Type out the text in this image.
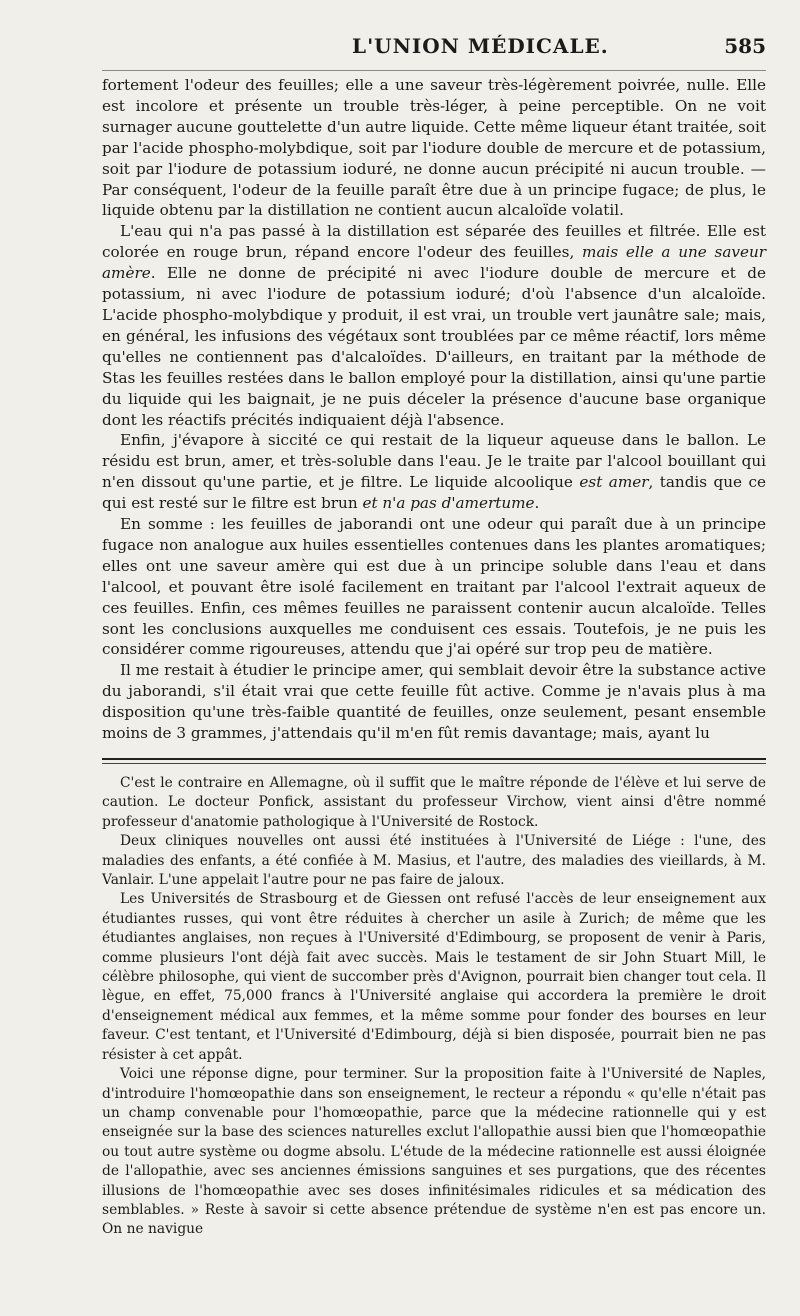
L'UNION MÉDICALE.	585

fortement l'odeur des feuilles; elle a une saveur très-légèrement poivrée, nulle. Elle est incolore et présente un trouble très-léger, à peine perceptible. On ne voit surnager aucune gouttelette d'un autre liquide. Cette même liqueur étant traitée, soit par l'acide phospho-molybdique, soit par l'iodure double de mercure et de potassium, soit par l'iodure de potassium ioduré, ne donne aucun précipité ni aucun trouble. — Par conséquent, l'odeur de la feuille paraît être due à un principe fugace; de plus, le liquide obtenu par la distillation ne contient aucun alcaloïde volatil.

L'eau qui n'a pas passé à la distillation est séparée des feuilles et filtrée. Elle est colorée en rouge brun, répand encore l'odeur des feuilles, mais elle a une saveur amère. Elle ne donne de précipité ni avec l'iodure double de mercure et de potassium, ni avec l'iodure de potassium ioduré; d'où l'absence d'un alcaloïde. L'acide phospho-molybdique y produit, il est vrai, un trouble vert jaunâtre sale; mais, en général, les infusions des végétaux sont troublées par ce même réactif, lors même qu'elles ne contiennent pas d'alcaloïdes. D'ailleurs, en traitant par la méthode de Stas les feuilles restées dans le ballon employé pour la distillation, ainsi qu'une partie du liquide qui les baignait, je ne puis déceler la présence d'aucune base organique dont les réactifs précités indiquaient déjà l'absence.

Enfin, j'évapore à siccité ce qui restait de la liqueur aqueuse dans le ballon. Le résidu est brun, amer, et très-soluble dans l'eau. Je le traite par l'alcool bouillant qui n'en dissout qu'une partie, et je filtre. Le liquide alcoolique est amer, tandis que ce qui est resté sur le filtre est brun et n'a pas d'amertume.

En somme : les feuilles de jaborandi ont une odeur qui paraît due à un principe fugace non analogue aux huiles essentielles contenues dans les plantes aromatiques; elles ont une saveur amère qui est due à un principe soluble dans l'eau et dans l'alcool, et pouvant être isolé facilement en traitant par l'alcool l'extrait aqueux de ces feuilles. Enfin, ces mêmes feuilles ne paraissent contenir aucun alcaloïde. Telles sont les conclusions auxquelles me conduisent ces essais. Toutefois, je ne puis les considérer comme rigoureuses, attendu que j'ai opéré sur trop peu de matière.

Il me restait à étudier le principe amer, qui semblait devoir être la substance active du jaborandi, s'il était vrai que cette feuille fût active. Comme je n'avais plus à ma disposition qu'une très-faible quantité de feuilles, onze seulement, pesant ensemble moins de 3 grammes, j'attendais qu'il m'en fût remis davantage; mais, ayant lu

C'est le contraire en Allemagne, où il suffit que le maître réponde de l'élève et lui serve de caution. Le docteur Ponfick, assistant du professeur Virchow, vient ainsi d'être nommé professeur d'anatomie pathologique à l'Université de Rostock.

Deux cliniques nouvelles ont aussi été instituées à l'Université de Liége : l'une, des maladies des enfants, a été confiée à M. Masius, et l'autre, des maladies des vieillards, à M. Vanlair. L'une appelait l'autre pour ne pas faire de jaloux.

Les Universités de Strasbourg et de Giessen ont refusé l'accès de leur enseignement aux étudiantes russes, qui vont être réduites à chercher un asile à Zurich; de même que les étudiantes anglaises, non reçues à l'Université d'Edimbourg, se proposent de venir à Paris, comme plusieurs l'ont déjà fait avec succès. Mais le testament de sir John Stuart Mill, le célèbre philosophe, qui vient de succomber près d'Avignon, pourrait bien changer tout cela. Il lègue, en effet, 75,000 francs à l'Université anglaise qui accordera la première le droit d'enseignement médical aux femmes, et la même somme pour fonder des bourses en leur faveur. C'est tentant, et l'Université d'Edimbourg, déjà si bien disposée, pourrait bien ne pas résister à cet appât.

Voici une réponse digne, pour terminer. Sur la proposition faite à l'Université de Naples, d'introduire l'homœopathie dans son enseignement, le recteur a répondu « qu'elle n'était pas un champ convenable pour l'homœopathie, parce que la médecine rationnelle qui y est enseignée sur la base des sciences naturelles exclut l'allopathie aussi bien que l'homœopathie ou tout autre système ou dogme absolu. L'étude de la médecine rationnelle est aussi éloignée de l'allopathie, avec ses anciennes émissions sanguines et ses purgations, que des récentes illusions de l'homœopathie avec ses doses infinitésimales ridicules et sa médication des semblables. » Reste à savoir si cette absence prétendue de système n'en est pas encore un. On ne navigue
